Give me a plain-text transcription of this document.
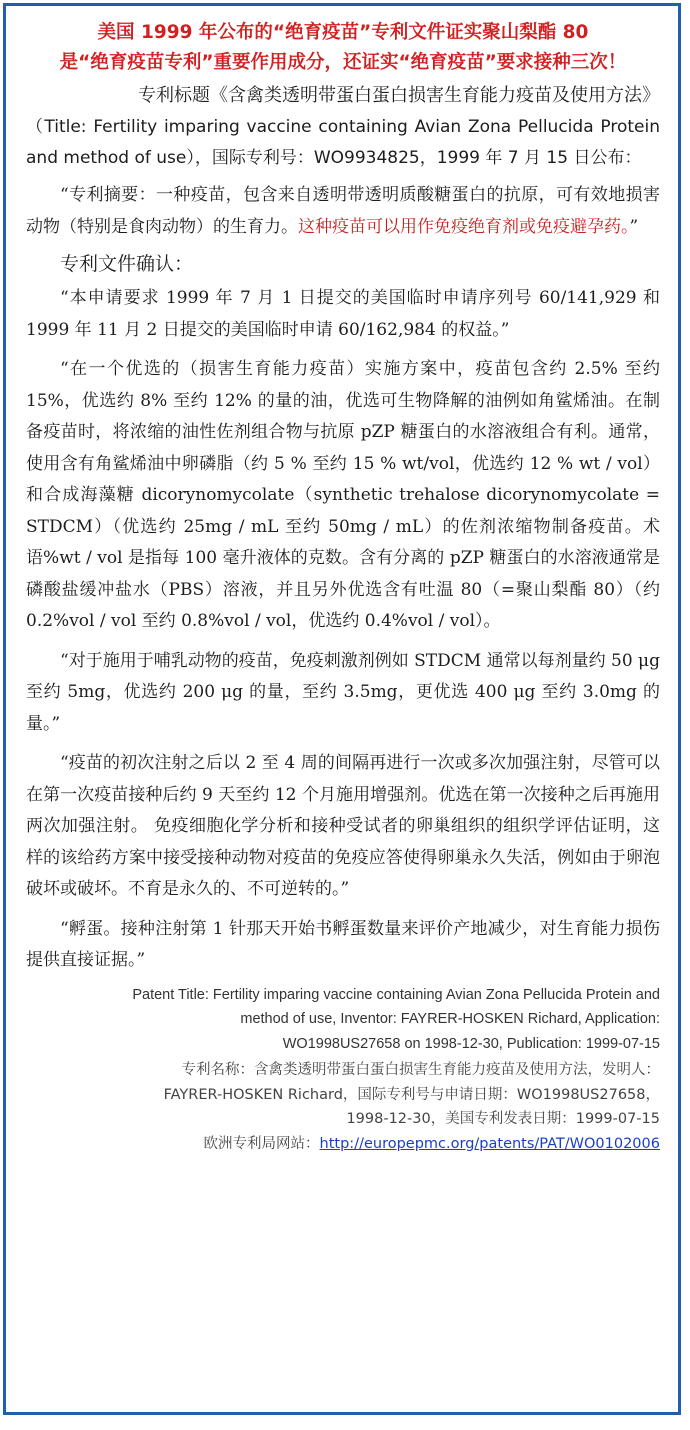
美国 1999 年公布的“绝育疫苗”专利文件证实聚山梨酯 80
是“绝育疫苗专利”重要作用成分，还证实“绝育疫苗”要求接种三次！

专利标题《含禽类透明带蛋白蛋白损害生育能力疫苗及使用方法》

（Title: Fertility imparing vaccine containing Avian Zona Pellucida Protein and method of use），国际专利号：WO9934825，1999 年 7 月 15 日公布：

“专利摘要：一种疫苗，包含来自透明带透明质酸糖蛋白的抗原，可有效地损害动物（特别是食肉动物）的生育力。这种疫苗可以用作免疫绝育剂或免疫避孕药。”

专利文件确认：

“本申请要求 1999 年 7 月 1 日提交的美国临时申请序列号 60/141,929 和 1999 年 11 月 2 日提交的美国临时申请 60/162,984 的权益。”

“在一个优选的（损害生育能力疫苗）实施方案中，疫苗包含约 2.5% 至约 15%，优选约 8% 至约 12% 的量的油，优选可生物降解的油例如角鲨烯油。在制备疫苗时，将浓缩的油性佐剂组合物与抗原 pZP 糖蛋白的水溶液组合有利。通常，使用含有角鲨烯油中卵磷脂（约 5 % 至约 15 % wt/vol，优选约 12 % wt / vol）和合成海藻糖 dicorynomycolate（synthetic trehalose dicorynomycolate = STDCM）（优选约 25mg / mL 至约 50mg / mL）的佐剂浓缩物制备疫苗。术语%wt / vol 是指每 100 毫升液体的克数。含有分离的 pZP 糖蛋白的水溶液通常是磷酸盐缓冲盐水（PBS）溶液，并且另外优选含有吐温 80（=聚山梨酯 80）（约 0.2%vol / vol 至约 0.8%vol / vol，优选约 0.4%vol / vol）。

“对于施用于哺乳动物的疫苗，免疫刺激剂例如 STDCM 通常以每剂量约 50 μg 至约 5mg，优选约 200 μg 的量，至约 3.5mg，更优选 400 μg 至约 3.0mg 的量。”

“疫苗的初次注射之后以 2 至 4 周的间隔再进行一次或多次加强注射，尽管可以在第一次疫苗接种后约 9 天至约 12 个月施用增强剂。优选在第一次接种之后再施用两次加强注射。 免疫细胞化学分析和接种受试者的卵巢组织的组织学评估证明，这样的该给药方案中接受接种动物对疫苗的免疫应答使得卵巢永久失活，例如由于卵泡破坏或破坏。不育是永久的、不可逆转的。”

“孵蛋。接种注射第 1 针那天开始书孵蛋数量来评价产地减少，对生育能力损伤提供直接证据。”

Patent Title: Fertility imparing vaccine containing Avian Zona Pellucida Protein and
method of use, Inventor: FAYRER-HOSKEN Richard, Application:
WO1998US27658 on 1998-12-30, Publication: 1999-07-15
专利名称：含禽类透明带蛋白蛋白损害生育能力疫苗及使用方法，发明人：
FAYRER-HOSKEN Richard，国际专利号与申请日期：WO1998US27658，
1998-12-30，美国专利发表日期：1999-07-15
欧洲专利局网站：http://europepmc.org/patents/PAT/WO0102006
